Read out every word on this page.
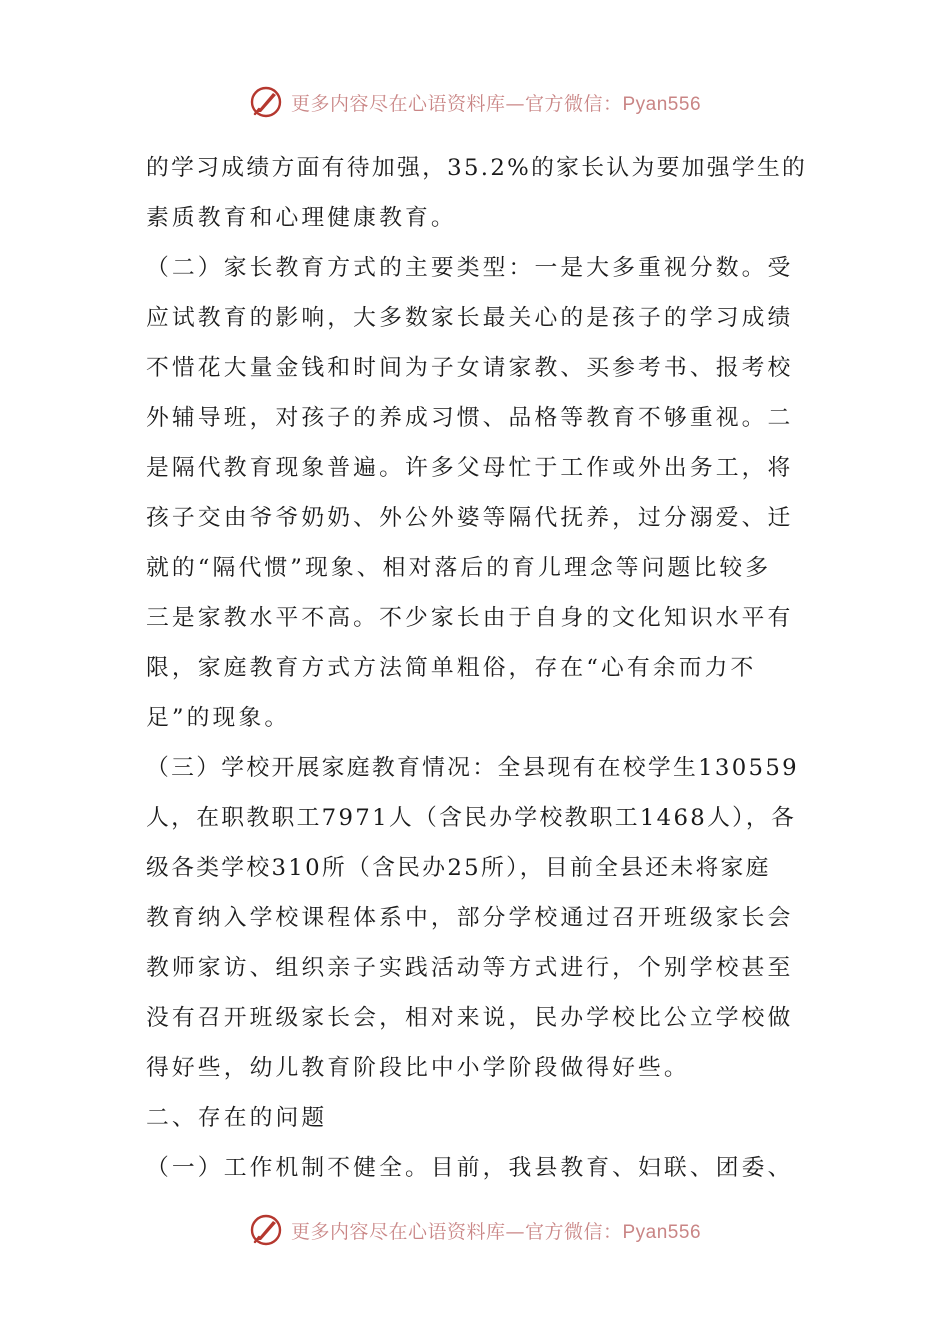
更多内容尽在心语资料库—官方微信：Pyan556
的学习成绩方面有待加强，35.2%的家长认为要加强学生的
素质教育和心理健康教育。
（二）家长教育方式的主要类型：一是大多重视分数。受
应试教育的影响，大多数家长最关心的是孩子的学习成绩
不惜花大量金钱和时间为子女请家教、买参考书、报考校
外辅导班，对孩子的养成习惯、品格等教育不够重视。二
是隔代教育现象普遍。许多父母忙于工作或外出务工，将
孩子交由爷爷奶奶、外公外婆等隔代抚养，过分溺爱、迁
就的“隔代惯”现象、相对落后的育儿理念等问题比较多
三是家教水平不高。不少家长由于自身的文化知识水平有
限，家庭教育方式方法简单粗俗，存在“心有余而力不
足”的现象。
（三）学校开展家庭教育情况：全县现有在校学生130559
人，在职教职工7971人（含民办学校教职工1468人），各
级各类学校310所（含民办25所），目前全县还未将家庭
教育纳入学校课程体系中，部分学校通过召开班级家长会
教师家访、组织亲子实践活动等方式进行，个别学校甚至
没有召开班级家长会，相对来说，民办学校比公立学校做
得好些，幼儿教育阶段比中小学阶段做得好些。
二、存在的问题
（一）工作机制不健全。目前，我县教育、妇联、团委、
更多内容尽在心语资料库—官方微信：Pyan556
